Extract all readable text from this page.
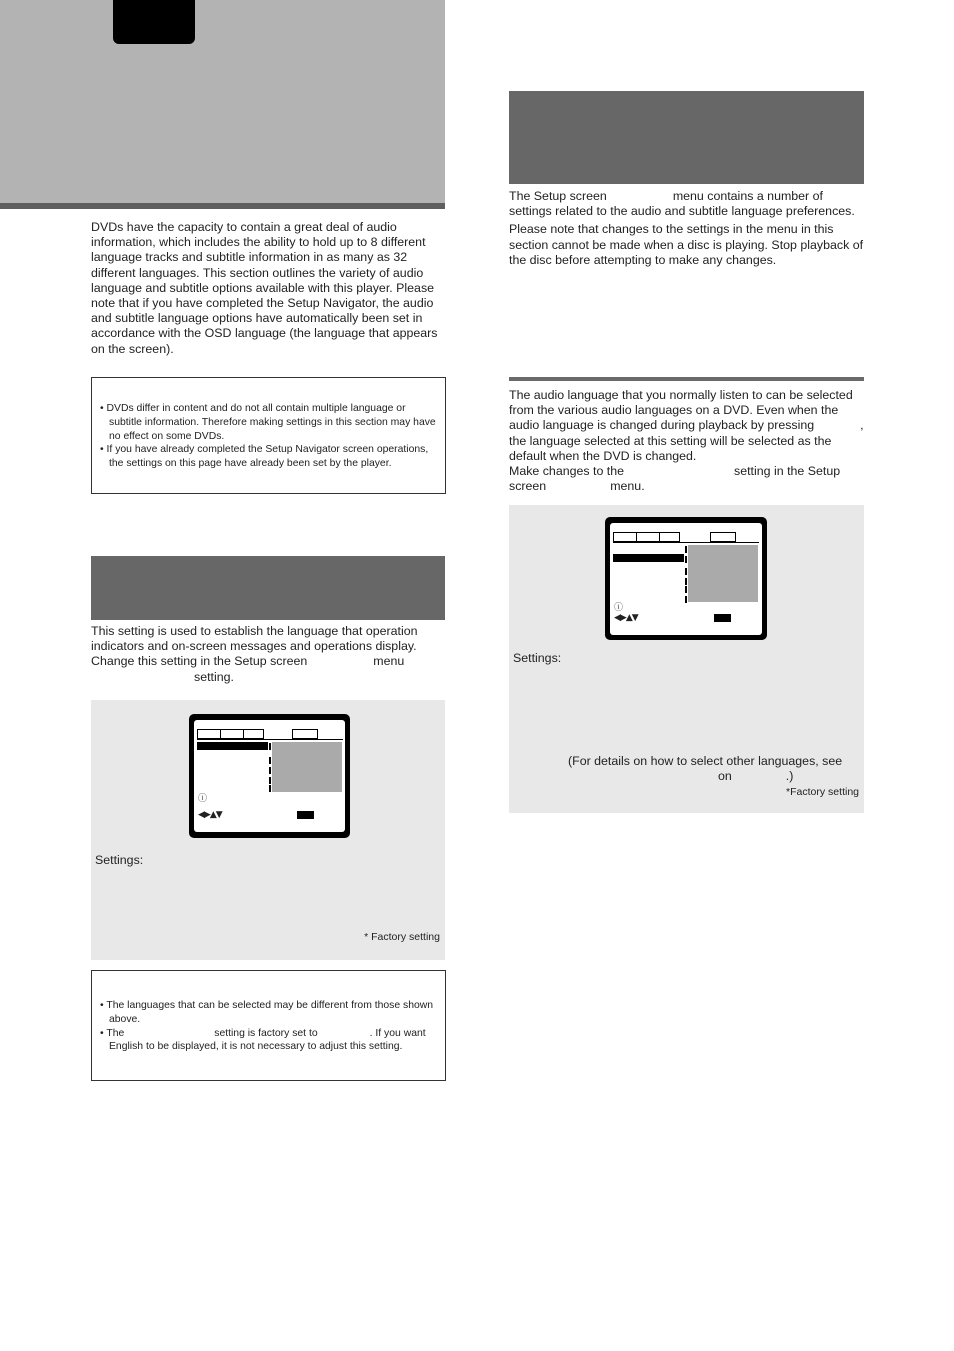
DVDs have the capacity to contain a great deal of audio information, which includes the ability to hold up to 8 different language tracks and subtitle information in as many as 32 different languages. This section outlines the variety of audio language and subtitle options available with this player. Please note that if you have completed the Setup Navigator, the audio and subtitle language options have automatically been set in accordance with the OSD language (the language that appears on the screen).

• DVDs differ in content and do not all contain multiple language or subtitle information. Therefore making settings in this section may have no effect on some DVDs.
• If you have already completed the Setup Navigator screen operations, the settings on this page have already been set by the player.

This setting is used to establish the language that operation indicators and on-screen messages and operations display. Change this setting in the Setup screen	menu

setting.

ⓘ
◀▶▲▼
Settings:
* Factory setting
• The languages that can be selected may be different from those shown above.
• The	setting is factory set to	. If you want English to be displayed, it is not necessary to adjust this setting.

The Setup screen	menu contains a number of settings related to the audio and subtitle language preferences.

Please note that changes to the settings in the menu in this section cannot be made when a disc is playing. Stop playback of the disc before attempting to make any changes.

The audio language that you normally listen to can be selected from the various audio languages on a DVD. Even when the audio language is changed during playback by pressing	, the language selected at this setting will be selected as the default when the DVD is changed.

Make changes to the	setting in the Setup

screen	menu.

ⓘ
◀▶▲▼
Settings:
(For details on how to select other languages, see
on	.)
*Factory setting
